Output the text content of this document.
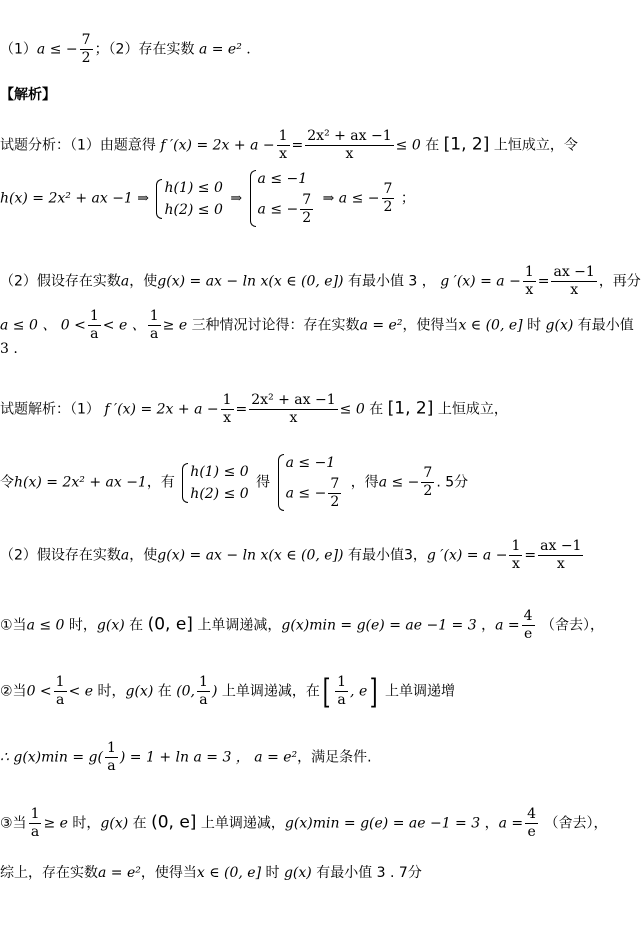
（1）a ≤ − $\frac{7}{2}$ ；（2）存在实数 a = e² .
【解析】
试题分析：（1）由题意得 f $'(x) = 2x + a - \frac{1}{x} = \frac{\text{2x² + ax −1}}{x} \le 0$ 在 [1, 2] 上恒成立，令
h(x) = 2x² + ax −1 ⇒
h(1) ≤ 0
h(2) ≤ 0
⇒
a ≤ −1
a ≤ − $\frac{7}{2}$ ⇒ a ≤ − $\frac{7}{2}$ ；
（2）假设存在实数a，使g(x) = ax − ln x(x ∈ (0, e]) 有最小值 3 ， g $'(x) = a - \frac{1}{x} = \frac{ax -1}{x}$ ，再分
a ≤ 0 、 $0 < \frac{1}{a} < e$ 、 $\frac{1}{a} \ge e$ 三种情况讨论得：存在实数a = e²，使得当x ∈ (0, e] 时 g(x) 有最小值
3 .
试题解析：（1） f $'(x) = 2x + a - \frac{1}{x} = \frac{\text{2x² + ax −1}}{x} \le 0$ 在 [1, 2] 上恒成立，
令h(x) = 2x² + ax −1，有
h(1) ≤ 0
h(2) ≤ 0
得
a ≤ −1
a ≤ − $\frac{7}{2}$ ，得a ≤ − $\frac{7}{2}$ . 5分
（2）假设存在实数a，使g(x) = ax − ln x(x ∈ (0, e]) 有最小值3，g $'(x) = a - \frac{1}{x} = \frac{ax -1}{x}$
①当a ≤ 0 时，g(x) 在 (0, e] 上单调递减，g(x)min = g(e) = ae −1 = 3 ，$a = \frac{4}{e}$ （舍去），
②当$0 < \frac{1}{a} < e$ 时，g(x) 在 (0, $\frac{1}{a}$ ) 上单调递减，在[ $\frac{1}{a}$ , e] 上单调递增
∴ $g(x)\min = g( \frac{1}{a}$ ) = 1 + ln a = 3 ， a = e²，满足条件.
③当 $\frac{1}{a} \ge e$ 时，g(x) 在 (0, e] 上单调递减，g(x)min = g(e) = ae −1 = 3 ，$a = \frac{4}{e}$ （舍去），
综上，存在实数a = e²，使得当x ∈ (0, e] 时 g(x) 有最小值 3 . 7分
